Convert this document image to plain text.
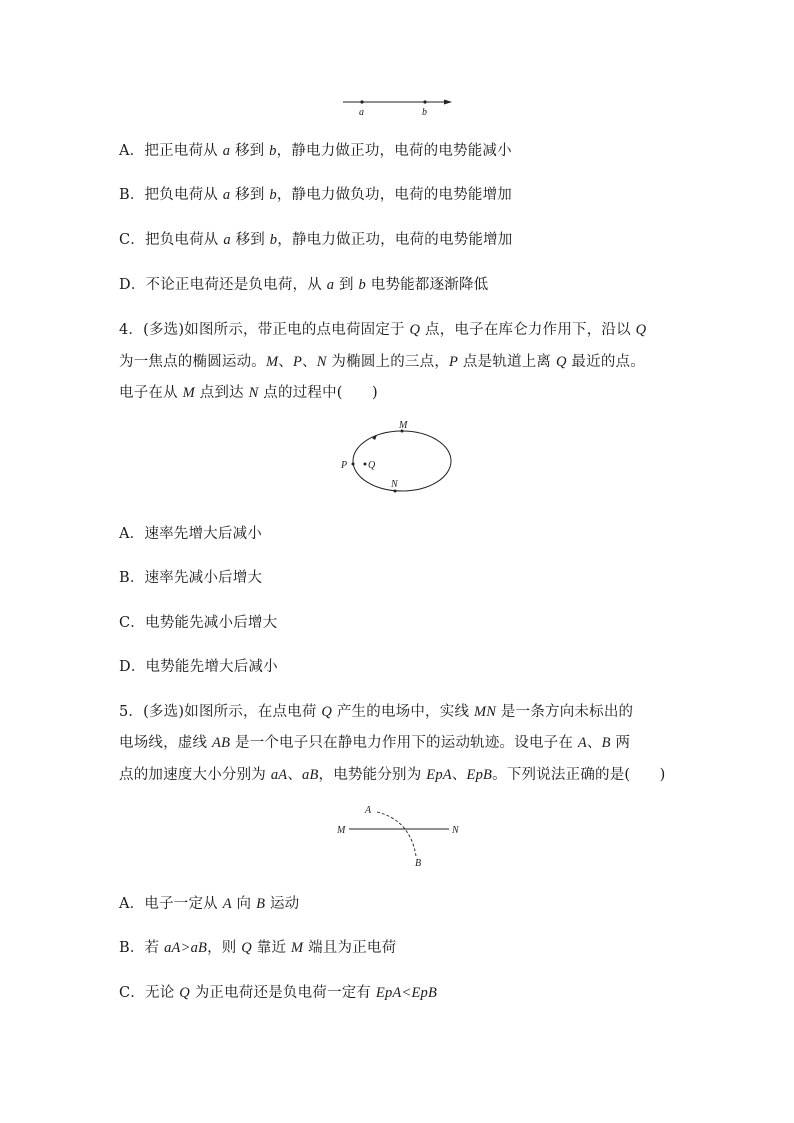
a	b
A．把正电荷从 a 移到 b，静电力做正功，电荷的电势能减小
B．把负电荷从 a 移到 b，静电力做负功，电荷的电势能增加
C．把负电荷从 a 移到 b，静电力做正功，电荷的电势能增加
D．不论正电荷还是负电荷，从 a 到 b 电势能都逐渐降低
4．(多选)如图所示，带正电的点电荷固定于 Q 点，电子在库仑力作用下，沿以 Q
为一焦点的椭圆运动。M、P、N 为椭圆上的三点，P 点是轨道上离 Q 最近的点。
电子在从 M 点到达 N 点的过程中(　　)
M
P Q
N
A．速率先增大后减小
B．速率先减小后增大
C．电势能先减小后增大
D．电势能先增大后减小
5．(多选)如图所示，在点电荷 Q 产生的电场中，实线 MN 是一条方向未标出的
电场线，虚线 AB 是一个电子只在静电力作用下的运动轨迹。设电子在 A、B 两
点的加速度大小分别为 aA、aB，电势能分别为 EpA、EpB。下列说法正确的是(　　)
M	N
A
B
A．电子一定从 A 向 B 运动
B．若 aA>aB，则 Q 靠近 M 端且为正电荷
C．无论 Q 为正电荷还是负电荷一定有 EpA<EpB
